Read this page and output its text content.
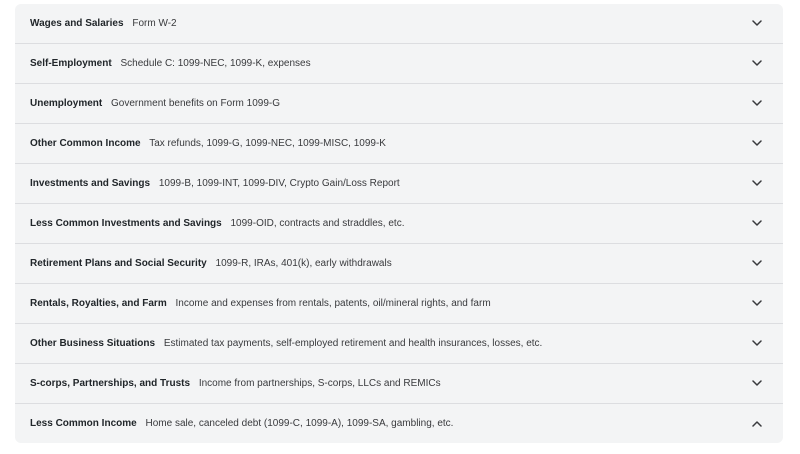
Wages and Salaries Form W-2
Self-Employment Schedule C: 1099-NEC, 1099-K, expenses
Unemployment Government benefits on Form 1099-G
Other Common Income Tax refunds, 1099-G, 1099-NEC, 1099-MISC, 1099-K
Investments and Savings 1099-B, 1099-INT, 1099-DIV, Crypto Gain/Loss Report
Less Common Investments and Savings 1099-OID, contracts and straddles, etc.
Retirement Plans and Social Security 1099-R, IRAs, 401(k), early withdrawals
Rentals, Royalties, and Farm Income and expenses from rentals, patents, oil/mineral rights, and farm
Other Business Situations Estimated tax payments, self-employed retirement and health insurances, losses, etc.
S-corps, Partnerships, and Trusts Income from partnerships, S-corps, LLCs and REMICs
Less Common Income Home sale, canceled debt (1099-C, 1099-A), 1099-SA, gambling, etc.
